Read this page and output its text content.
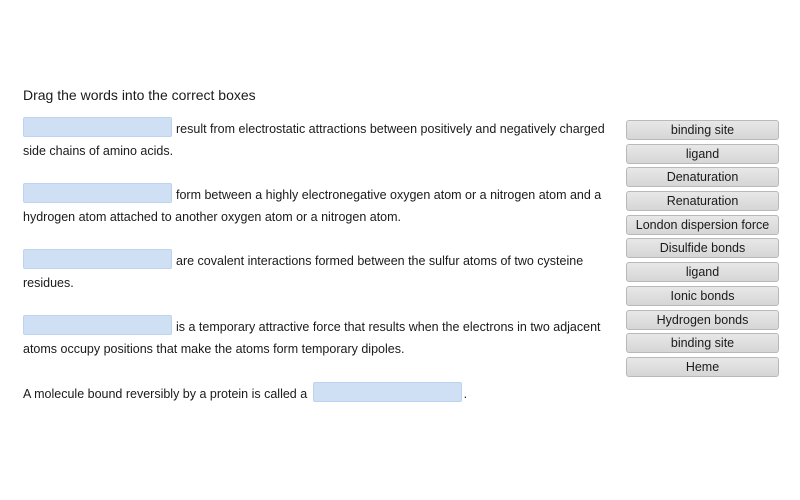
Drag the words into the correct boxes
result from electrostatic attractions between positively and negatively charged side chains of amino acids.
form between a highly electronegative oxygen atom or a nitrogen atom and a hydrogen atom attached to another oxygen atom or a nitrogen atom.
are covalent interactions formed between the sulfur atoms of two cysteine residues.
is a temporary attractive force that results when the electrons in two adjacent atoms occupy positions that make the atoms form temporary dipoles.
A molecule bound reversibly by a protein is called a	.
binding site
ligand
Denaturation
Renaturation
London dispersion force
Disulfide bonds
ligand
Ionic bonds
Hydrogen bonds
binding site
Heme
